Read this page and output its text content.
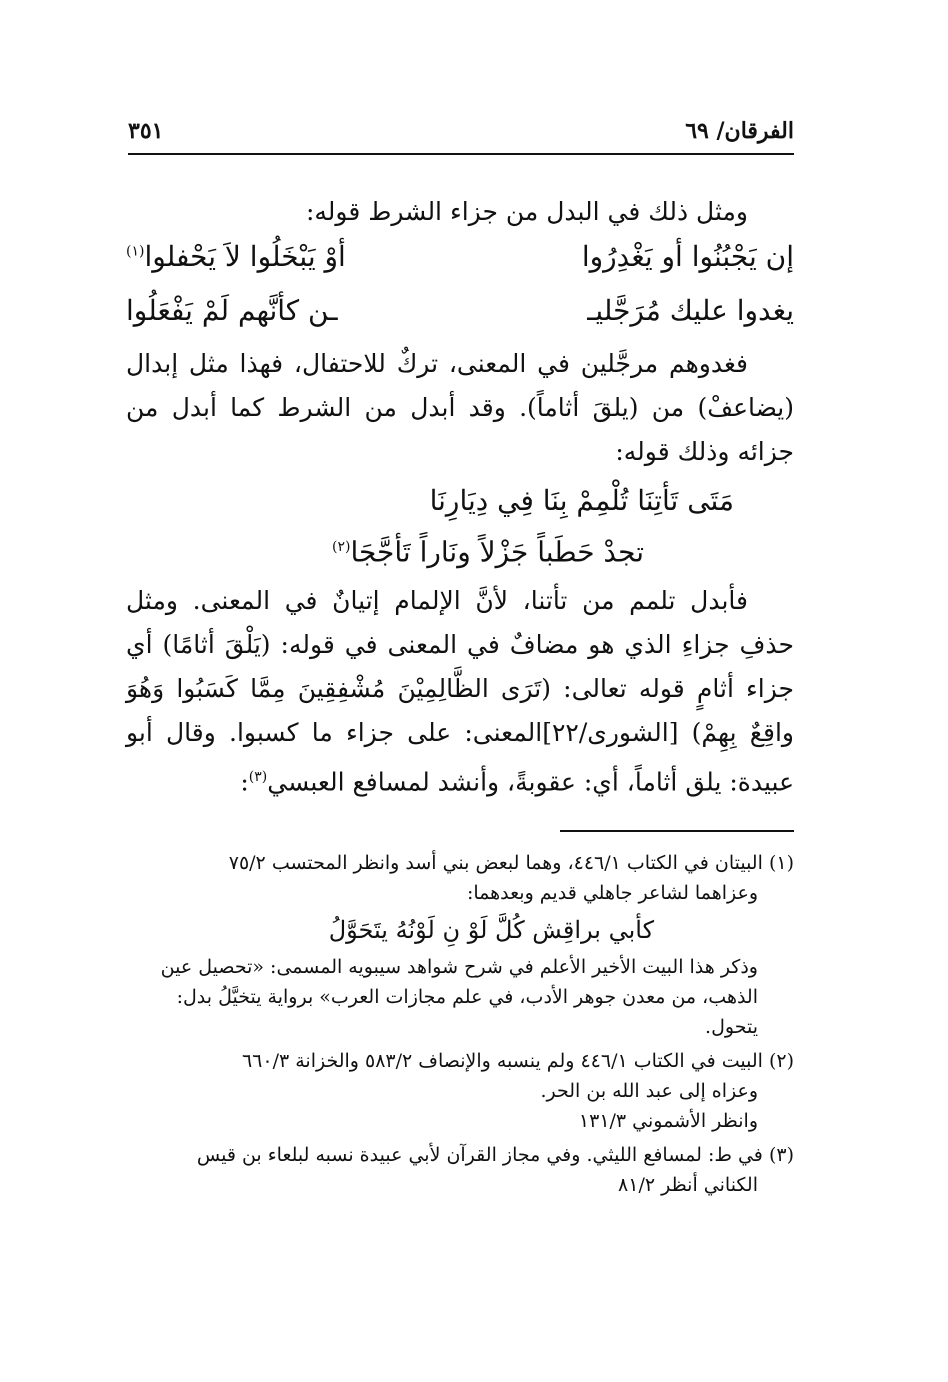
الفرقان/ ٦٩
٣٥١

ومثل ذلك في البدل من جزاء الشرط قوله:

إن يَجْبُنُوا أو يَغْدِرُوا
أوْ يَبْخَلُوا لاَ يَحْفلوا$^{(١)}$
يغدوا عليك مُرَجَّليـ
ـن كأنَّهم لَمْ يَفْعَلُوا

فغدوهم مرجَّلين في المعنى، تركٌ للاحتفال، فهذا مثل إبدال (يضاعفْ) من (يلقَ أثاماً). وقد أبدل من الشرط كما أبدل من جزائه وذلك قوله:

مَتَى تَأتِنَا تُلْمِمْ بِنَا فِي دِيَارِنَا
تجدْ حَطَباً جَزْلاً ونَاراً تَأجَّجَا$^{(٢)}$

فأبدل تلمم من تأتنا، لأنَّ الإلمام إتيانٌ في المعنى. ومثل حذفِ جزاءِ الذي هو مضافٌ في المعنى في قوله: (يَلْقَ أثامًا) أي جزاء أثامٍ قوله تعالى: (تَرَى الظَّالِمِيْنَ مُشْفِقِينَ مِمَّا كَسَبُوا وَهُوَ واقِعٌ بِهِمْ) [الشورى/٢٢]المعنى: على جزاء ما كسبوا. وقال أبو عبيدة: يلق أثاماً، أي: عقوبةً، وأنشد لمسافع العبسي$^{(٣)}$:

(١) البيتان في الكتاب ٤٤٦/١، وهما لبعض بني أسد وانظر المحتسب ٧٥/٢
وعزاهما لشاعر جاهلي قديم وبعدهما:
كأبي براقِش كُلَّ لَوْ نِ لَوْنُهُ يتَحَوَّلُ
وذكر هذا البيت الأخير الأعلم في شرح شواهد سيبويه المسمى: «تحصيل عين الذهب، من معدن جوهر الأدب، في علم مجازات العرب» برواية يتخيَّلُ بدل: يتحول.
(٢) البيت في الكتاب ٤٤٦/١ ولم ينسبه والإنصاف ٥٨٣/٢ والخزانة ٦٦٠/٣
وعزاه إلى عبد الله بن الحر.
وانظر الأشموني ١٣١/٣
(٣) في ط: لمسافع الليثي. وفي مجاز القرآن لأبي عبيدة نسبه لبلعاء بن قيس
الكناني أنظر ٨١/٢
